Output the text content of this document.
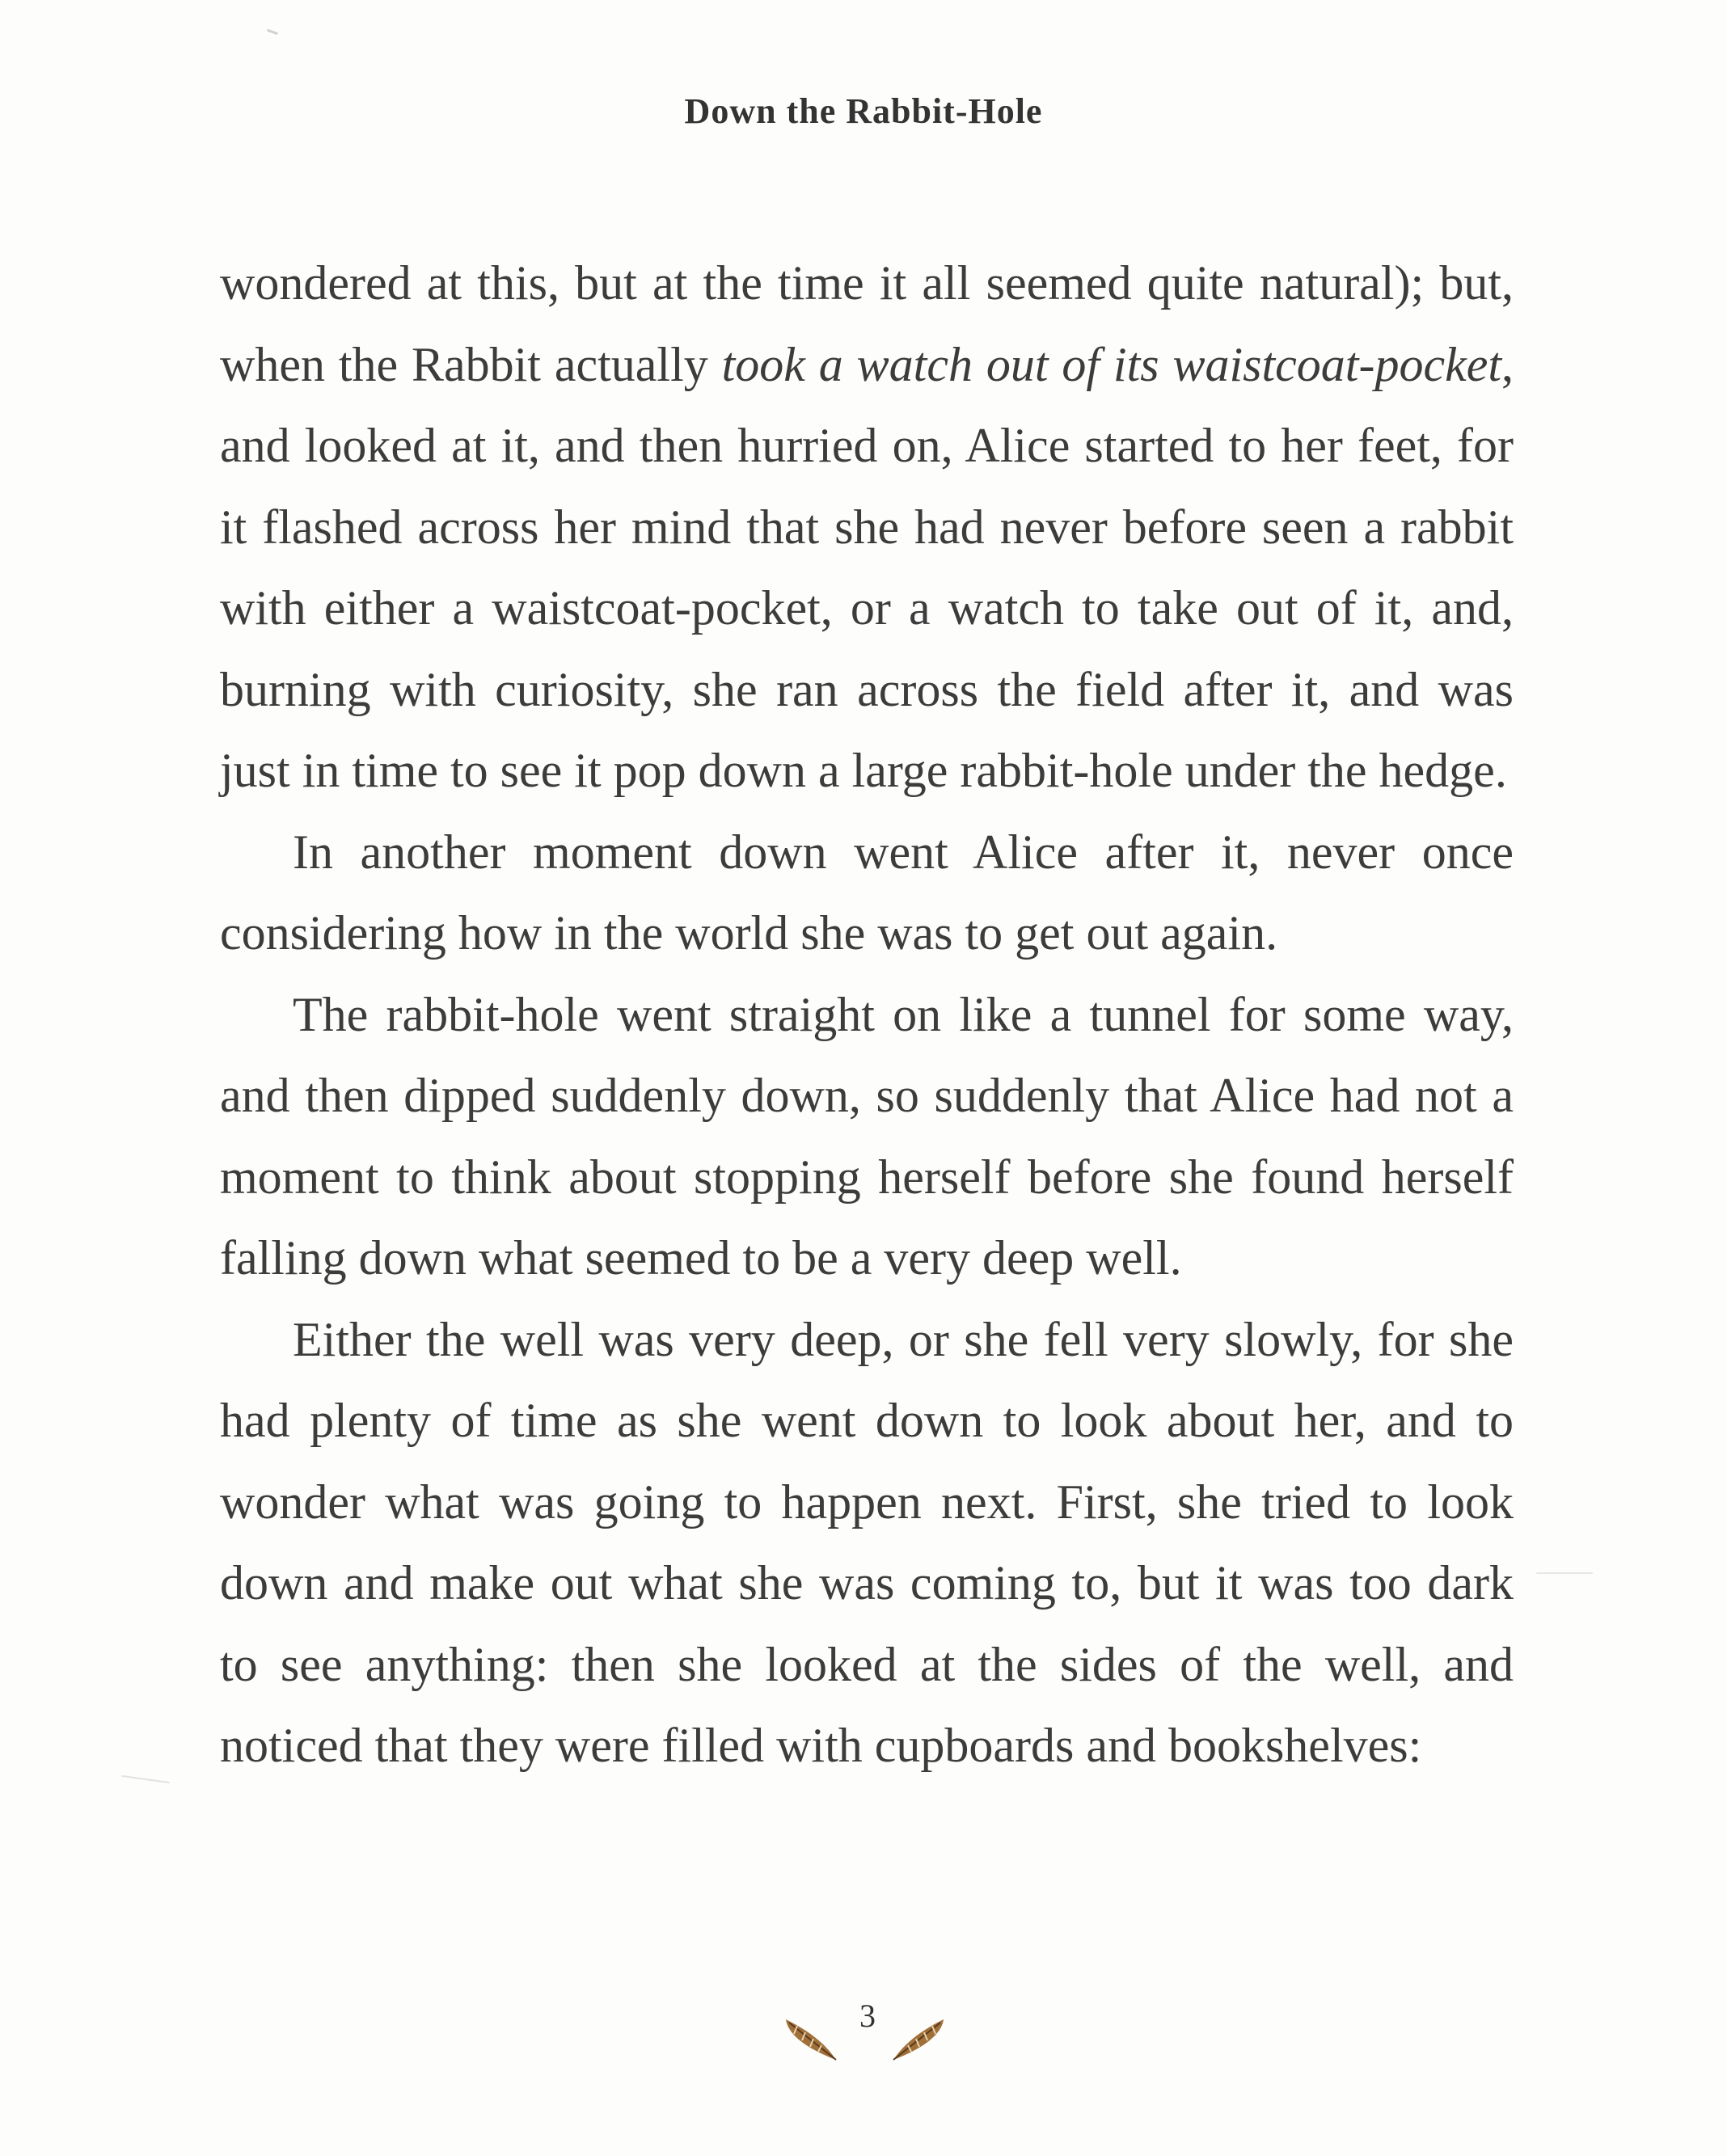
Down the Rabbit-Hole

wondered at this, but at the time it all seemed quite natural); but, when the Rabbit actually took a watch out of its waistcoat-pocket, and looked at it, and then hurried on, Alice started to her feet, for it flashed across her mind that she had never before seen a rabbit with either a waistcoat-pocket, or a watch to take out of it, and, burning with curiosity, she ran across the field after it, and was just in time to see it pop down a large rabbit-hole under the hedge.

In another moment down went Alice after it, never once considering how in the world she was to get out again.

The rabbit-hole went straight on like a tunnel for some way, and then dipped suddenly down, so suddenly that Alice had not a moment to think about stopping herself before she found herself falling down what seemed to be a very deep well.

Either the well was very deep, or she fell very slowly, for she had plenty of time as she went down to look about her, and to wonder what was going to happen next. First, she tried to look down and make out what she was coming to, but it was too dark to see anything: then she looked at the sides of the well, and noticed that they were filled with cupboards and bookshelves:

3
